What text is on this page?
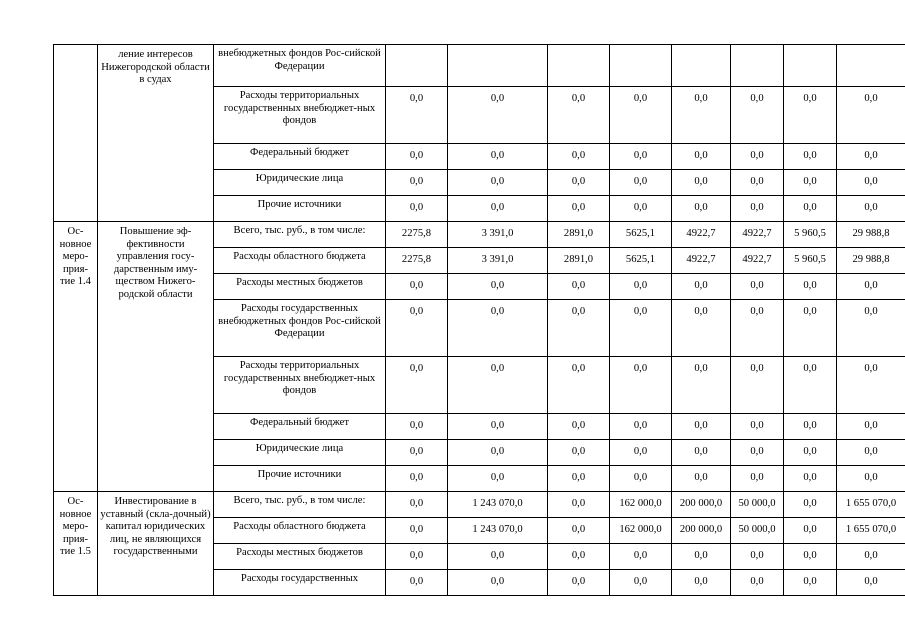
	ление интересов Нижегородской области в судах	внебюджетных фондов Рос-сийской Федерации								
		Расходы территориальных государственных внебюджет-ных фондов	0,0	0,0	0,0	0,0	0,0	0,0	0,0	0,0
		Федеральный бюджет	0,0	0,0	0,0	0,0	0,0	0,0	0,0	0,0
		Юридические лица	0,0	0,0	0,0	0,0	0,0	0,0	0,0	0,0
		Прочие источники	0,0	0,0	0,0	0,0	0,0	0,0	0,0	0,0
Ос-новное меро-прия-тие 1.4	Повышение эф-фективности управления госу-дарственным иму-ществом Нижего-родской области	Всего, тыс. руб., в том числе:	2275,8	3 391,0	2891,0	5625,1	4922,7	4922,7	5 960,5	29 988,8
		Расходы областного бюджета	2275,8	3 391,0	2891,0	5625,1	4922,7	4922,7	5 960,5	29 988,8
		Расходы местных бюджетов	0,0	0,0	0,0	0,0	0,0	0,0	0,0	0,0
		Расходы государственных внебюджетных фондов Рос-сийской Федерации	0,0	0,0	0,0	0,0	0,0	0,0	0,0	0,0
		Расходы территориальных государственных внебюджет-ных фондов	0,0	0,0	0,0	0,0	0,0	0,0	0,0	0,0
		Федеральный бюджет	0,0	0,0	0,0	0,0	0,0	0,0	0,0	0,0
		Юридические лица	0,0	0,0	0,0	0,0	0,0	0,0	0,0	0,0
		Прочие источники	0,0	0,0	0,0	0,0	0,0	0,0	0,0	0,0
Ос-новное меро-прия-тие 1.5	Инвестирование в уставный (скла-дочный) капитал юридических лиц, не являющихся государственными	Всего, тыс. руб., в том числе:	0,0	1 243 070,0	0,0	162 000,0	200 000,0	50 000,0	0,0	1 655 070,0
		Расходы областного бюджета	0,0	1 243 070,0	0,0	162 000,0	200 000,0	50 000,0	0,0	1 655 070,0
		Расходы местных бюджетов	0,0	0,0	0,0	0,0	0,0	0,0	0,0	0,0
		Расходы государственных	0,0	0,0	0,0	0,0	0,0	0,0	0,0	0,0
